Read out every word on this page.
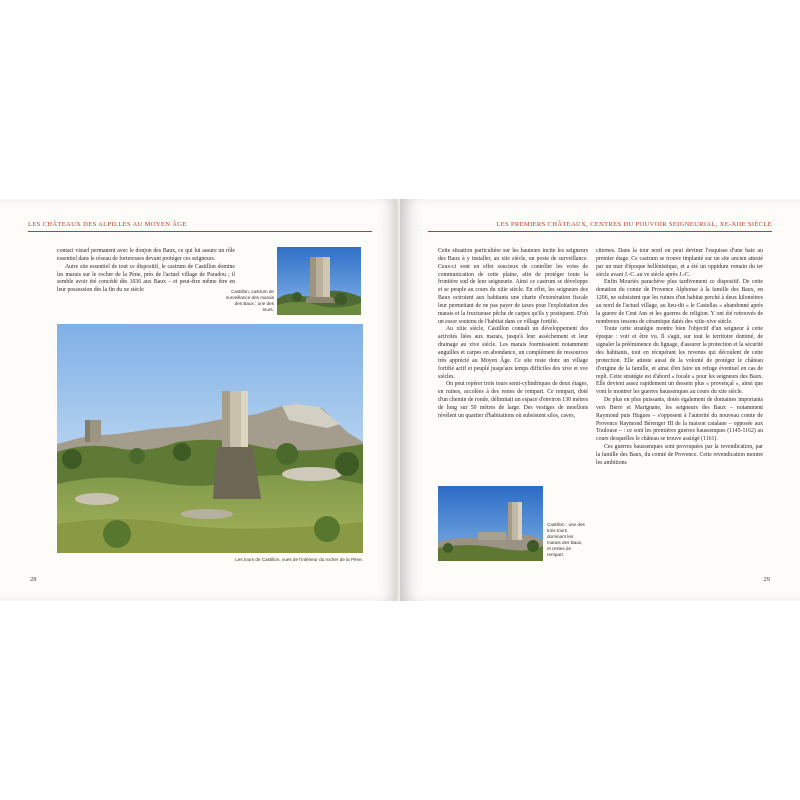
LES CHÂTEAUX DES ALPILLES AU MOYEN ÂGE

contact visuel permanent avec le donjon des Baux, ce qui lui assure un rôle essentiel dans le réseau de forteresses devant protéger ces seigneurs.

Autre site essentiel de tout ce dispositif, le castrum de Castillon domine les marais sur le rocher de la Pène, près de l'actuel village de Paradou ; il semble avoir été concédé dès 1036 aux Baux – et peut-être même être en leur possession dès la fin du xe siècle	Castillon, castrum de surveillance des marais des Baux : une des tours.
Les tours de Castillon, vues de l'intérieur du rocher de la Pène.
28
LES PREMIERS CHÂTEAUX, CENTRES DU POUVOIR SEIGNEURIAL, XE-XIIE SIÈCLE

Cette situation particulière sur les hauteurs incite les seigneurs des Baux à y installer, au xiie siècle, un poste de surveillance. Ceux-ci sont en effet soucieux de contrôler les voies de communication de cette plaine, afin de protéger toute la frontière sud de leur seigneurie. Ainsi ce castrum se développe et se peuple au cours du xiiie siècle. En effet, les seigneurs des Baux octroient aux habitants une charte d'exonération fiscale leur permettant de ne pas payer de taxes pour l'exploitation des marais et la fructueuse pêche de carpes qu'ils y pratiquent. D'où un essor soutenu de l'habitat dans ce village fortifié.

Au xiiie siècle, Castillon connaît un développement des activités liées aux marais, jusqu'à leur assèchement et leur drainage au xive siècle. Les marais fournissaient notamment anguilles et carpes en abondance, un complément de ressources très apprécié au Moyen Âge. Ce site reste donc un village fortifié actif et peuplé jusqu'aux temps difficiles des xive et xve siècles.

On peut repérer trois tours semi-cylindriques de deux étages, en ruines, accolées à des restes de rempart. Ce rempart, doté d'un chemin de ronde, délimitait un espace d'environ 130 mètres de long sur 50 mètres de large. Des vestiges de moellons révèlent un quartier d'habitations où subsistent silos, caves,

Castillon : une des trois tours dominant les marais des Baux, et restes de rempart.

citernes. Dans la tour nord on peut deviner l'esquisse d'une baie au premier étage. Ce castrum se trouve implanté sur un site ancien attesté par un mur d'époque hellénistique, et a été un oppidum romain du ier siècle avant J.-C. au ve siècle après J.-C.

Enfin Mouriès parachève plus tardivement ce dispositif. De cette donation du comte de Provence Alphonse à la famille des Baux, en 1206, ne subsistent que les ruines d'un habitat perché à deux kilomètres au nord de l'actuel village, au lieu-dit « le Castellas » abandonné après la guerre de Cent Ans et les guerres de religion. Y ont été retrouvés de nombreux tessons de céramique datés des xiiie-xive siècle.

Toute cette stratégie montre bien l'objectif d'un seigneur à cette époque : voir et être vu. Il s'agit, sur tout le territoire dominé, de signaler la prééminence du lignage, d'assurer la protection et la sécurité des habitants, tout en récupérant les revenus qui découlent de cette protection. Elle atteste aussi de la volonté de protéger le château d'origine de la famille, et ainsi d'en faire un refuge éventuel en cas de repli. Cette stratégie est d'abord « focale » pour les seigneurs des Baux. Elle devient assez rapidement un dessein plus « provençal », ainsi que vont le montrer les guerres baussenques au cours du xiie siècle.

De plus en plus puissants, dotés également de domaines importants vers Berre et Marignane, les seigneurs des Baux – notamment Raymond puis Hugues – s'opposent à l'autorité du nouveau comte de Provence Raymond Bérenger III de la maison catalane – opposée aux Toulouse – : ce sont les premières guerres baussenques (1145-1162) au cours desquelles le château se trouve assiégé (1161).

Ces guerres baussenques sont provoquées par la revendication, par la famille des Baux, du comté de Provence. Cette revendication montre les ambitions

29
